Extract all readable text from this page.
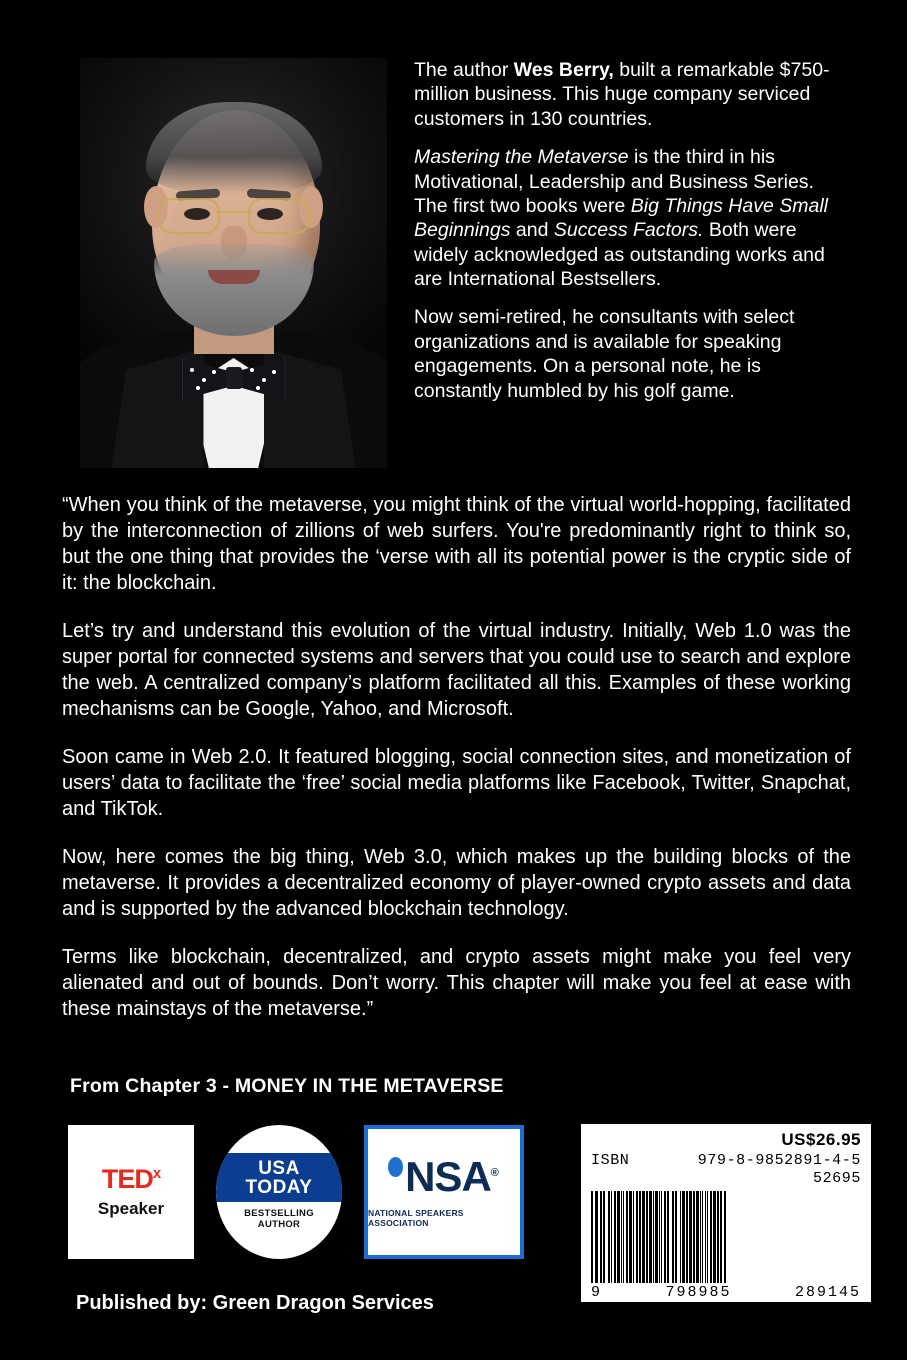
The author Wes Berry, built a remarkable $750-million business. This huge company serviced customers in 130 countries.

Mastering the Metaverse is the third in his Motivational, Leadership and Business Series. The first two books were Big Things Have Small Beginnings and Success Factors. Both were widely acknowledged as outstanding works and are International Bestsellers.

Now semi-retired, he consultants with select organizations and is available for speaking engagements. On a personal note, he is constantly humbled by his golf game.

“When you think of the metaverse, you might think of the virtual world-hopping, facilitated by the interconnection of zillions of web surfers. You're predominantly right to think so, but the one thing that provides the ‘verse with all its potential power is the cryptic side of it: the blockchain.

Let’s try and understand this evolution of the virtual industry. Initially, Web 1.0 was the super portal for connected systems and servers that you could use to search and explore the web. A centralized company’s platform facilitated all this. Examples of these working mechanisms can be Google, Yahoo, and Microsoft.

Soon came in Web 2.0. It featured blogging, social connection sites, and monetization of users’ data to facilitate the ‘free’ social media platforms like Facebook, Twitter, Snapchat, and TikTok.

Now, here comes the big thing, Web 3.0, which makes up the building blocks of the metaverse. It provides a decentralized economy of player-owned crypto assets and data and is supported by the advanced blockchain technology.

Terms like blockchain, decentralized, and crypto assets might make you feel very alienated and out of bounds. Don’t worry. This chapter will make you feel at ease with these mainstays of the metaverse.”

From Chapter 3 - MONEY IN THE METAVERSE
TED$^x$
Speaker
USA
TODAY
BESTSELLING
AUTHOR
NSA®
NATIONAL SPEAKERS ASSOCIATION
Published by: Green Dragon Services
US$26.95
ISBN	979-8-9852891-4-5
52695
9	798985	289145
